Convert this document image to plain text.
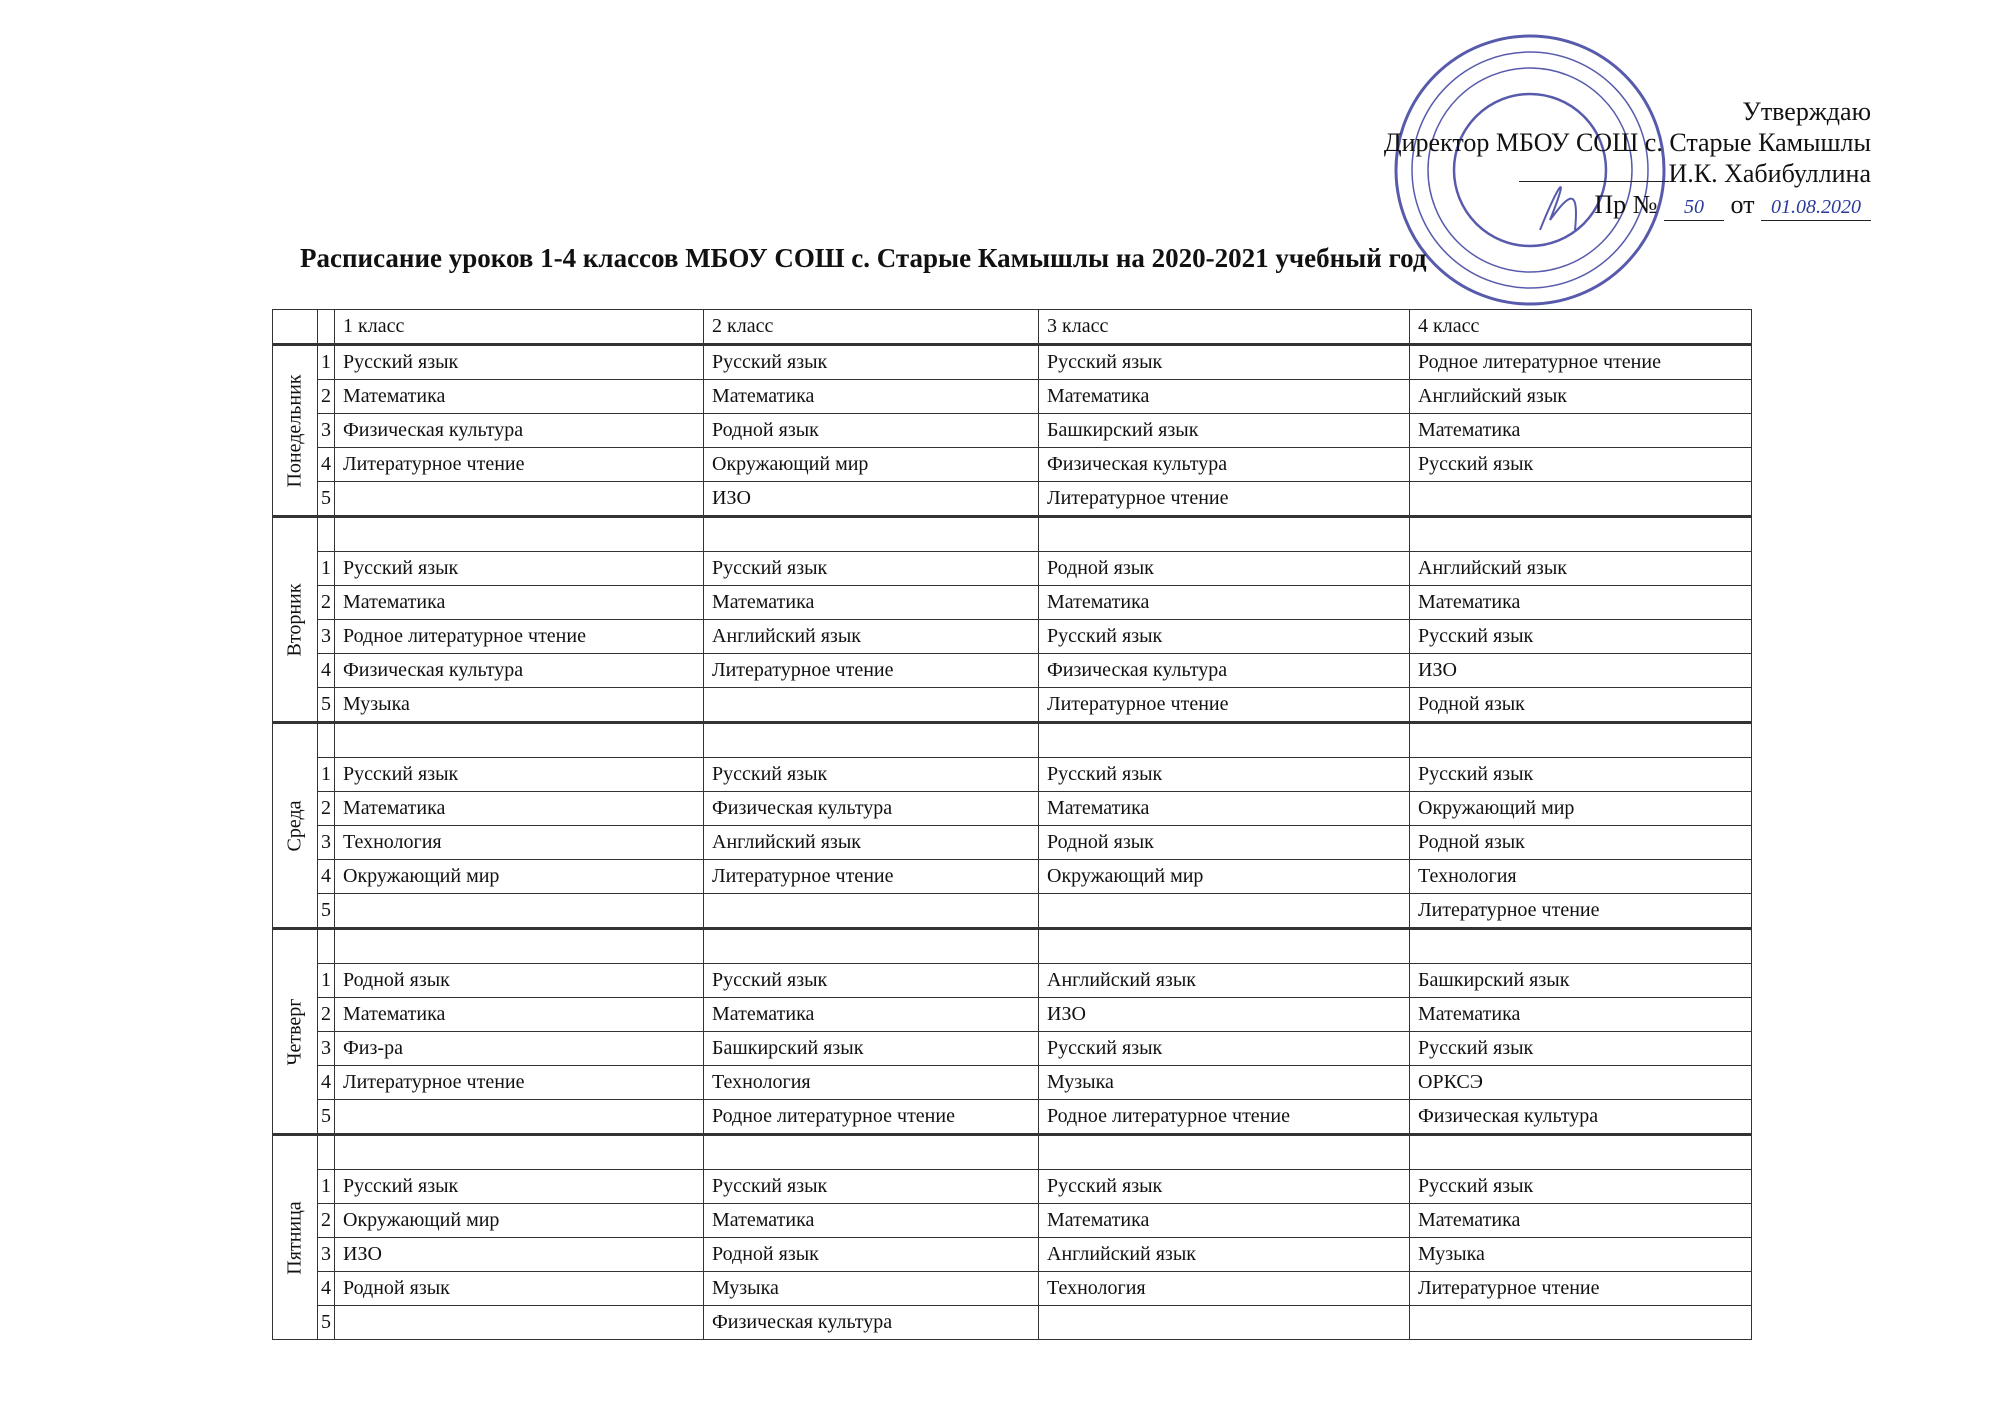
Утверждаю
Директор МБОУ СОШ с. Старые Камышлы
И.К. Хабибуллина
Пр № 50 от 01.08.2020
Расписание уроков 1-4 классов МБОУ СОШ с. Старые Камышлы на 2020-2021 учебный год
		1 класс	2 класс	3 класс	4 класс

Понедельник	1	Русский язык	Русский язык	Русский язык	Родное литературное чтение
	2	Математика	Математика	Математика	Английский язык
	3	Физическая культура	Родной язык	Башкирский язык	Математика
	4	Литературное чтение	Окружающий мир	Физическая культура	Русский язык
	5		ИЗО	Литературное чтение	

Вторник					

	1	Русский язык	Русский язык	Родной язык	Английский язык
	2	Математика	Математика	Математика	Математика
	3	Родное литературное чтение	Английский язык	Русский язык	Русский язык
	4	Физическая культура	Литературное чтение	Физическая культура	ИЗО
	5	Музыка		Литературное чтение	Родной язык

Среда					

	1	Русский язык	Русский язык	Русский язык	Русский язык
	2	Математика	Физическая культура	Математика	Окружающий мир
	3	Технология	Английский язык	Родной язык	Родной язык
	4	Окружающий мир	Литературное чтение	Окружающий мир	Технология
	5				Литературное чтение

Четверг					

	1	Родной язык	Русский язык	Английский язык	Башкирский язык
	2	Математика	Математика	ИЗО	Математика
	3	Физ-ра	Башкирский язык	Русский язык	Русский язык
	4	Литературное чтение	Технология	Музыка	ОРКСЭ
	5		Родное литературное чтение	Родное литературное чтение	Физическая культура

Пятница					

	1	Русский язык	Русский язык	Русский язык	Русский язык
	2	Окружающий мир	Математика	Математика	Математика
	3	ИЗО	Родной язык	Английский язык	Музыка
	4	Родной язык	Музыка	Технология	Литературное чтение
	5		Физическая культура		
